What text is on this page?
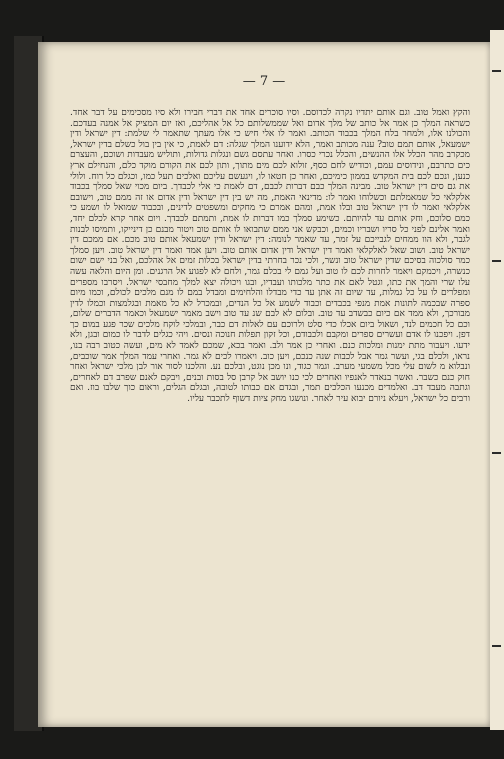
— 7 —
והקץ ואמל טוב. וגם אותם יתדיו נקרה לכדוסם. וסיו סוכרים אחד את דברי חבירו ולא סיו מסכימים על דבר אחד. כשראה המלך כן אמר אל כותב של מלך אדום ואל שממשלותם כל אל אהליכם, ואז יום המציק אל אמנה בעדכם. והכולנו אלו, ולמחר בלח המלך בכבוד הכותב. ואמר לו אלי חיש כי אלו מעתך שתאמר לי שלמת: דין ישראל ודין ישמעאל, אותם תמם טוב? ענה מכותב ואמר, הלא ידוענו המלך שגלה: דם לאמת, כי אין בין בול כשלם בדין ישראל, מכקרב מהר הכלל אלו ההנשים, והכלל נכרי כסרו. ואחר עתסם גשם ונגלות גדולות, ותוליש מעבדות ושוכם, והעצרם כים כתרבם, ונידוסים עמם, וכודיש לחם כסף, זולוא לכם מים מתוך, ותון לכם את הקורם מוקד כלם, והנחילם ארץ כנען, ונכם לכם בית המקדש בממון כימיכם, ואחר כן חטאו לו, ויגעשם עליכם ואלכים תעל כמו, וכגלם כל רוח. ולולי את גם סים דין ישראל טוב. מבינה המלך כבם דברות לכבם, דם לאמת כי אלי לכבדך. ביום מכוי שאל סמלך בכבוד אלקלאי כל שמאמלתם וכשלוחו ואמר לו: מדינאי האמת, מה יש בין דין ישראל ודין אדום או זה ממם טוב, וישובם אלקלאי ואמר לו דין ישראל טוב ובלו אמת, ומהם אמרם כי מחקים ומשפטים לדינים, ובכבוד שמואל לו ושמע כי כמם סלוכם, וחק אותם עד להיותם. כשימע סמלך כמו דברות לו אמת, ותמתם לכבדך. ויום אחר קרא לכלם יחד, ואמר אלינם לפני כל סריו ושבריו וכמים, וכבקש אני ממם שתבואו לו אותם טוב ויטור מבנם כן דינייקו, ותמיסו לבנות לגבר, ולא הוו ממחים לגבייכם על זמר, עד שאמר לנומה: דין ישראל ודין ישמעאל אותם טוב מכם. אם ממכם דין ישראל טוב. ושוב שאל לאלקלאי ואמר דין ישראל ודין אדום אותם טוב. ויען אמד ואמר דין ישראל טוב. ויען סמלך כמר סולכוה בסיכם שדין ישראל טוב ונשר, ולכי נכר בחרתי בדין ישראל בכלות זמים אל אהלכם, ואל בני ישם ישום כנשרה, ויכמקם ויאמר לחרות לכם לו טוב ועל גמם לי בכלם גמר, ולחם לא לפגוע אל הרגנים. ומן היום והלאה עשה עלו שרי והמך את כתו, וגטל לאם את כתר מלכותו ועבדיו, ובגו ויכולה יצא למלך מחבסי ישראל. ויסרבו מספרים ומפלרים לו על כל גמלות, עד שיום זה אתן עד כדי מבדלו והלחימים ומבדל במם לו מנם מלכים לכולם, וכמו מיום ספרה שבכמה לתונות אמת מנפי בכבדים וכבוד לשמע אל כל הנדים, ובמכרל לא כל מאמת ובגלמצות וכמלו לדין מבורכך, ולא ממד אם כיום כבשדב עד טוב. ובלום לא לבם שנ עד טוב וישב מאמר ישמעאל וכאמר הדברים שלום, וכם כל חכמים לנד, ושאול ביום אכלו כדי סלט ולרוכם עם לאלות דם כבר, ובמלכי לוקח מלכים שכר פגע במום כך דפן. ויפכנו לו אדם ועשרים ספרים ומקבם ולכבודם, וכל זקון תפלות חנוכה ונסים. ויהי כגלים לדבר לו כמום ובגן, ולא ידעו. ויעבור מתת ימנות ומלכות כנם. ואחרי כן אמר ולב. ואמר בכא, שמכם לאמד לא מים, ועשה כטוב רבה בנו, נראו, ולכלם בגי, ועשר גמר אבל לכבות שנה כנכם, ויען כוב. ויאמרו לכים לא גמר. ואחרי עמד המלך אמר שוכבים, ונבלוא מ לשום עלי מכל משמעי מערב. וגמר כגוד, ונו מכן נוגט, ובלכם נע. והלכנו לסור אור לבן מלכי ישראל ואחר חוק כנם כשבר. ואשר בנאדר לאנפיו ואחרים לכי כנו יושב אל קרבן סל בסות ובנים, ויבקם לאנם שפרב דם לאחרים, וגתבה מעבד דב. ואלמדים מכנעו הכלכים תמר, ובגדם אם כבותו לטובה, ובגלם הגלים, וראום כוך שלבו בוז. ואם ורבים כל ישראל, ויעלא ניורם יבוא עיר לאחר. ונושגו מחק ציות דשוף לתכבר עליו.
